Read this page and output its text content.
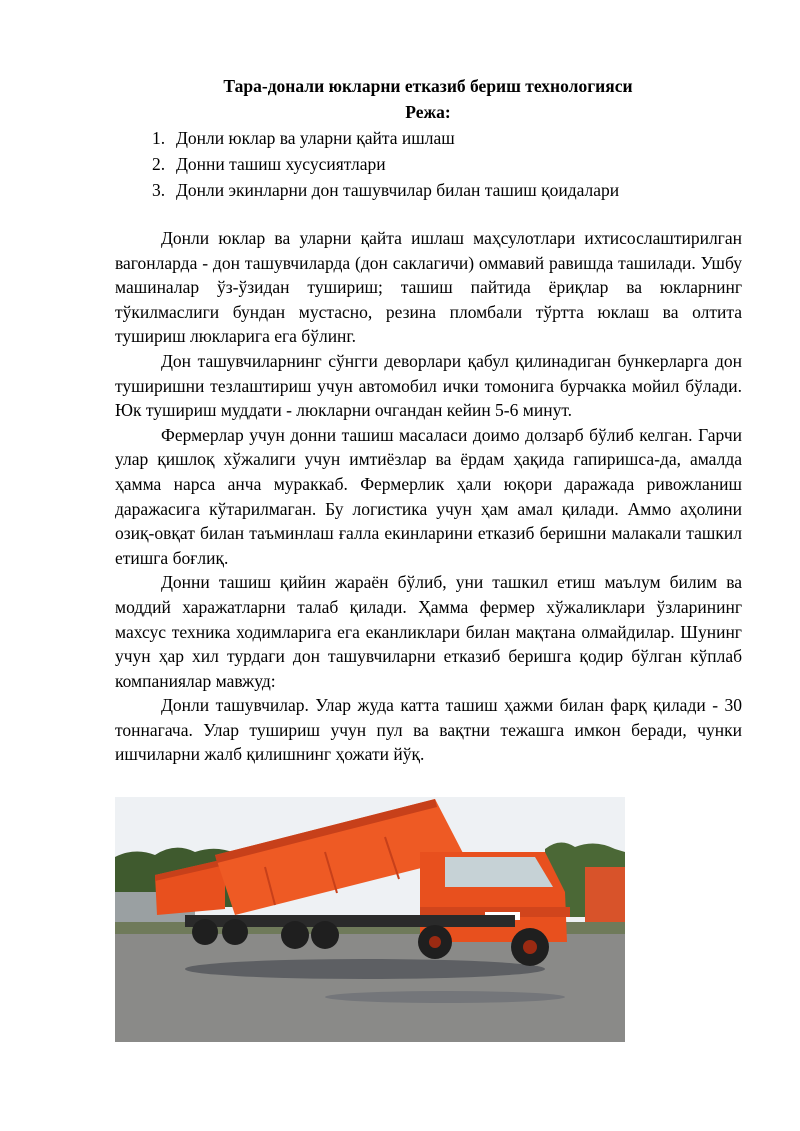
Тара-донали юкларни етказиб бериш технологияси
Режа:
1. Донли юклар ва уларни қайта ишлаш
2. Донни ташиш хусусиятлари
3. Донли экинларни дон ташувчилар билан ташиш қоидалари

Донли юклар ва уларни қайта ишлаш маҳсулотлари ихтисослаштирилган вагонларда - дон ташувчиларда (дон саклагичи) оммавий равишда ташилади. Ушбу машиналар ўз-ўзидан тушириш; ташиш пайтида ёриқлар ва юкларнинг тўкилмаслиги бундан мустасно, резина пломбали тўртта юклаш ва олтита тушириш люкларига ега бўлинг.

Дон ташувчиларнинг сўнгги деворлари қабул қилинадиган бункерларга дон туширишни тезлаштириш учун автомобил ички томонига бурчакка мойил бўлади. Юк тушириш муддати - люкларни очгандан кейин 5-6 минут.

Фермерлар учун донни ташиш масаласи доимо долзарб бўлиб келган. Гарчи улар қишлоқ хўжалиги учун имтиёзлар ва ёрдам ҳақида гапиришса-да, амалда ҳамма нарса анча мураккаб. Фермерлик ҳали юқори даражада ривожланиш даражасига кўтарилмаган. Бу логистика учун ҳам амал қилади. Аммо аҳолини озиқ-овқат билан таъминлаш ғалла екинларини етказиб беришни малакали ташкил етишга боғлиқ.

Донни ташиш қийин жараён бўлиб, уни ташкил етиш маълум билим ва моддий харажатларни талаб қилади. Ҳамма фермер хўжаликлари ўзларининг махсус техника ходимларига ега еканликлари билан мақтана олмайдилар. Шунинг учун ҳар хил турдаги дон ташувчиларни етказиб беришга қодир бўлган кўплаб компаниялар мавжуд:

Донли ташувчилар. Улар жуда катта ташиш ҳажми билан фарқ қилади - 30 тоннагача. Улар тушириш учун пул ва вақтни тежашга имкон беради, чунки ишчиларни жалб қилишнинг ҳожати йўқ.
